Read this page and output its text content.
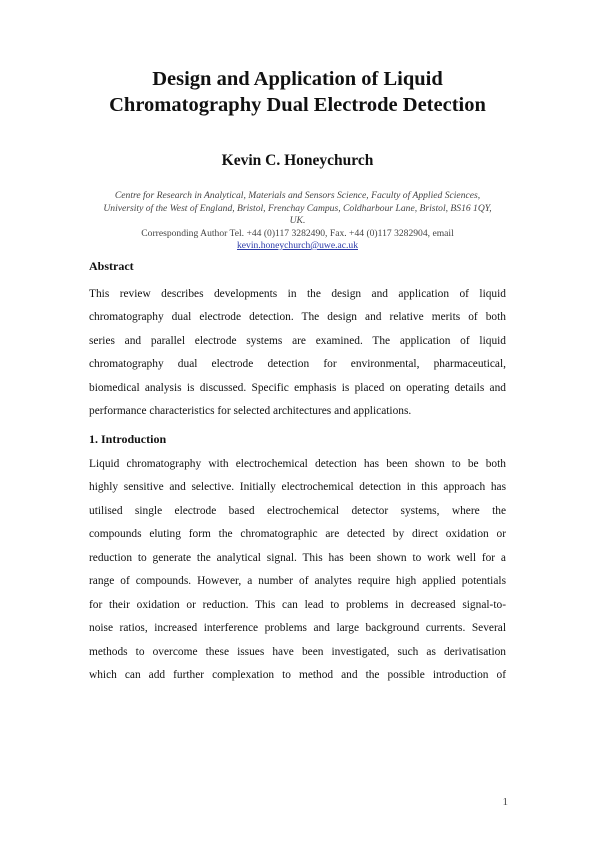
Design and Application of Liquid
Chromatography Dual Electrode Detection
Kevin C. Honeychurch
Centre for Research in Analytical, Materials and Sensors Science, Faculty of Applied Sciences,
University of the West of England, Bristol, Frenchay Campus, Coldharbour Lane, Bristol, BS16 1QY,
UK.
Corresponding Author Tel. +44 (0)117 3282490, Fax. +44 (0)117 3282904, email
kevin.honeychurch@uwe.ac.uk
Abstract

This review describes developments in the design and application of liquid
chromatography dual electrode detection. The design and relative merits of both
series and parallel electrode systems are examined. The application of liquid
chromatography dual electrode detection for environmental, pharmaceutical,
biomedical analysis is discussed. Specific emphasis is placed on operating details and
performance characteristics for selected architectures and applications.

1. Introduction

Liquid chromatography with electrochemical detection has been shown to be both
highly sensitive and selective. Initially electrochemical detection in this approach has
utilised single electrode based electrochemical detector systems, where the
compounds eluting form the chromatographic are detected by direct oxidation or
reduction to generate the analytical signal. This has been shown to work well for a
range of compounds. However, a number of analytes require high applied potentials
for their oxidation or reduction. This can lead to problems in decreased signal-to-
noise ratios, increased interference problems and large background currents. Several
methods to overcome these issues have been investigated, such as derivatisation
which can add further complexation to method and the possible introduction of

1
